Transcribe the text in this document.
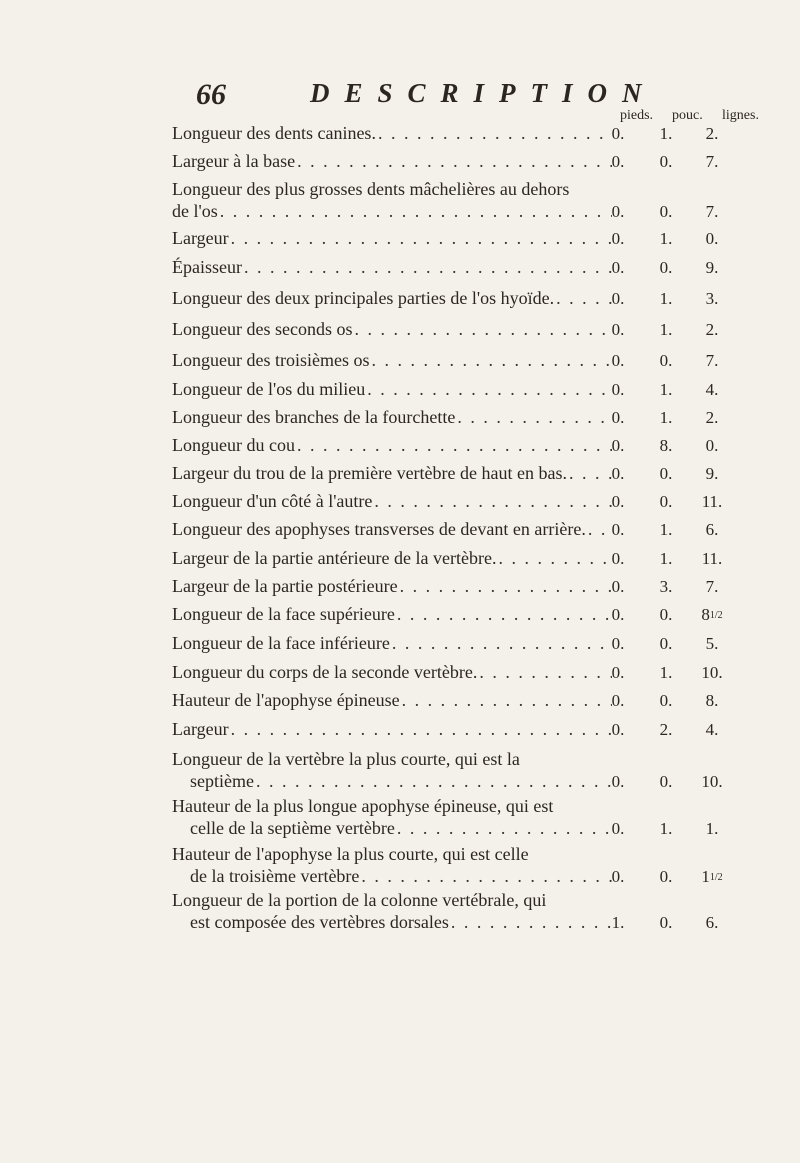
66	DESCRIPTION
pieds. pouc. lignes.
Longueur des dents canines. . . .	0.	1.	2.
Largeur à la base . . .	0.	0.	7.
Longueur des plus grosses dents mâchelières au dehors
de l'os . . .	0.	0.	7.
Largeur . . .	0.	1.	0.
Épaisseur . . .	0.	0.	9.
Longueur des deux principales parties de l'os hyoïde. . . .	0.	1.	3.
Longueur des seconds os . . .	0.	1.	2.
Longueur des troisièmes os . . .	0.	0.	7.
Longueur de l'os du milieu . . .	0.	1.	4.
Longueur des branches de la fourchette . . .	0.	1.	2.
Longueur du cou . . .	0.	8.	0.
Largeur du trou de la première vertèbre de haut en bas. . . .	0.	0.	9.
Longueur d'un côté à l'autre . . .	0.	0.	11.
Longueur des apophyses transverses de devant en arrière. . . .	0.	1.	6.
Largeur de la partie antérieure de la vertèbre. . . .	0.	1.	11.
Largeur de la partie postérieure . . .	0.	3.	7.
Longueur de la face supérieure . . .	0.	0.	81/2
Longueur de la face inférieure . . .	0.	0.	5.
Longueur du corps de la seconde vertèbre. . . .	0.	1.	10.
Hauteur de l'apophyse épineuse . . .	0.	0.	8.
Largeur . . .	0.	2.	4.
Longueur de la vertèbre la plus courte, qui est la
septième . . .	0.	0.	10.
Hauteur de la plus longue apophyse épineuse, qui est
celle de la septième vertèbre . . .	0.	1.	1.
Hauteur de l'apophyse la plus courte, qui est celle
de la troisième vertèbre . . .	0.	0.	11/2
Longueur de la portion de la colonne vertébrale, qui
est composée des vertèbres dorsales . . .	1.	0.	6.
